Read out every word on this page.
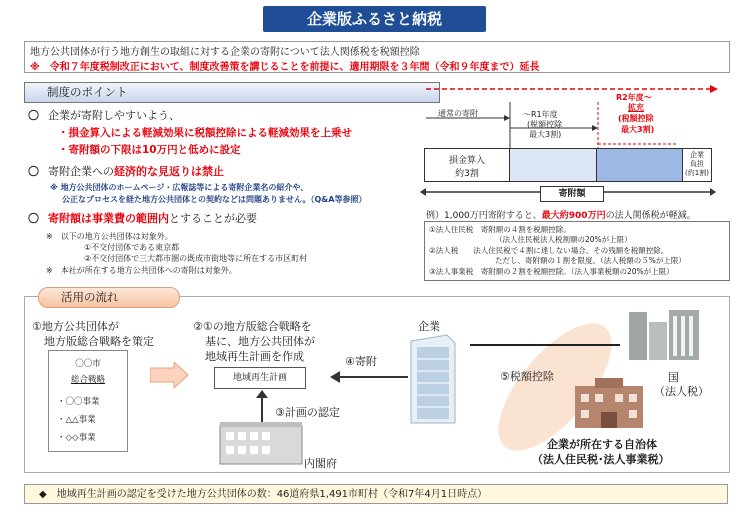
企業版ふるさと納税
地方公共団体が行う地方創生の取組に対する企業の寄附について法人関係税を税額控除
※　令和７年度税制改正において、制度改善策を講じることを前提に、適用期限を３年間（令和９年度まで）延長
制度のポイント
〇 企業が寄附しやすいよう、
・損金算入による軽減効果に税額控除による軽減効果を上乗せ
・寄附額の下限は10万円と低めに設定
〇 寄附企業への経済的な見返りは禁止
※ 地方公共団体のホームページ・広報誌等による寄附企業名の紹介や、
公正なプロセスを経た地方公共団体との契約などは問題ありません。（Q&A等参照）
〇 寄附額は事業費の範囲内とすることが必要
※　以下の地方公共団体は対象外。
①不交付団体である東京都
②不交付団体で三大都市圏の既成市街地等に所在する市区町村
※　本社が所在する地方公共団体への寄附は対象外。
通常の寄附	～R1年度
(税額控除
最大3割)
R2年度～
拡充
(税額控除
最大3割)
損金算入
約3割
企業
負担
(約1割)
寄附額
例）1,000万円寄附すると、最大約900万円の法人関係税が軽減。
①法人住民税　寄附額の４割を税額控除。
（法人住民税法人税割額の20%が上限）
②法人税　　法人住民税で４割に達しない場合、その残額を税額控除。
ただし、寄附額の１割を限度。（法人税額の５%が上限）
③法人事業税　寄附額の２割を税額控除。（法人事業税額の20%が上限）
活用の流れ
①地方公共団体が
地方版総合戦略を策定
〇〇市
総合戦略
・〇〇事業
・△△事業
・◇◇事業
②①の地方版総合戦略を
基に、地方公共団体が
地域再生計画を作成
地域再生計画
③計画の認定
内閣府
④寄附
企業
⑤税額控除	国
（法人税）
企業が所在する自治体
（法人住民税･法人事業税）
◆　地域再生計画の認定を受けた地方公共団体の数：46道府県1,491市町村（令和7年4月1日時点）
